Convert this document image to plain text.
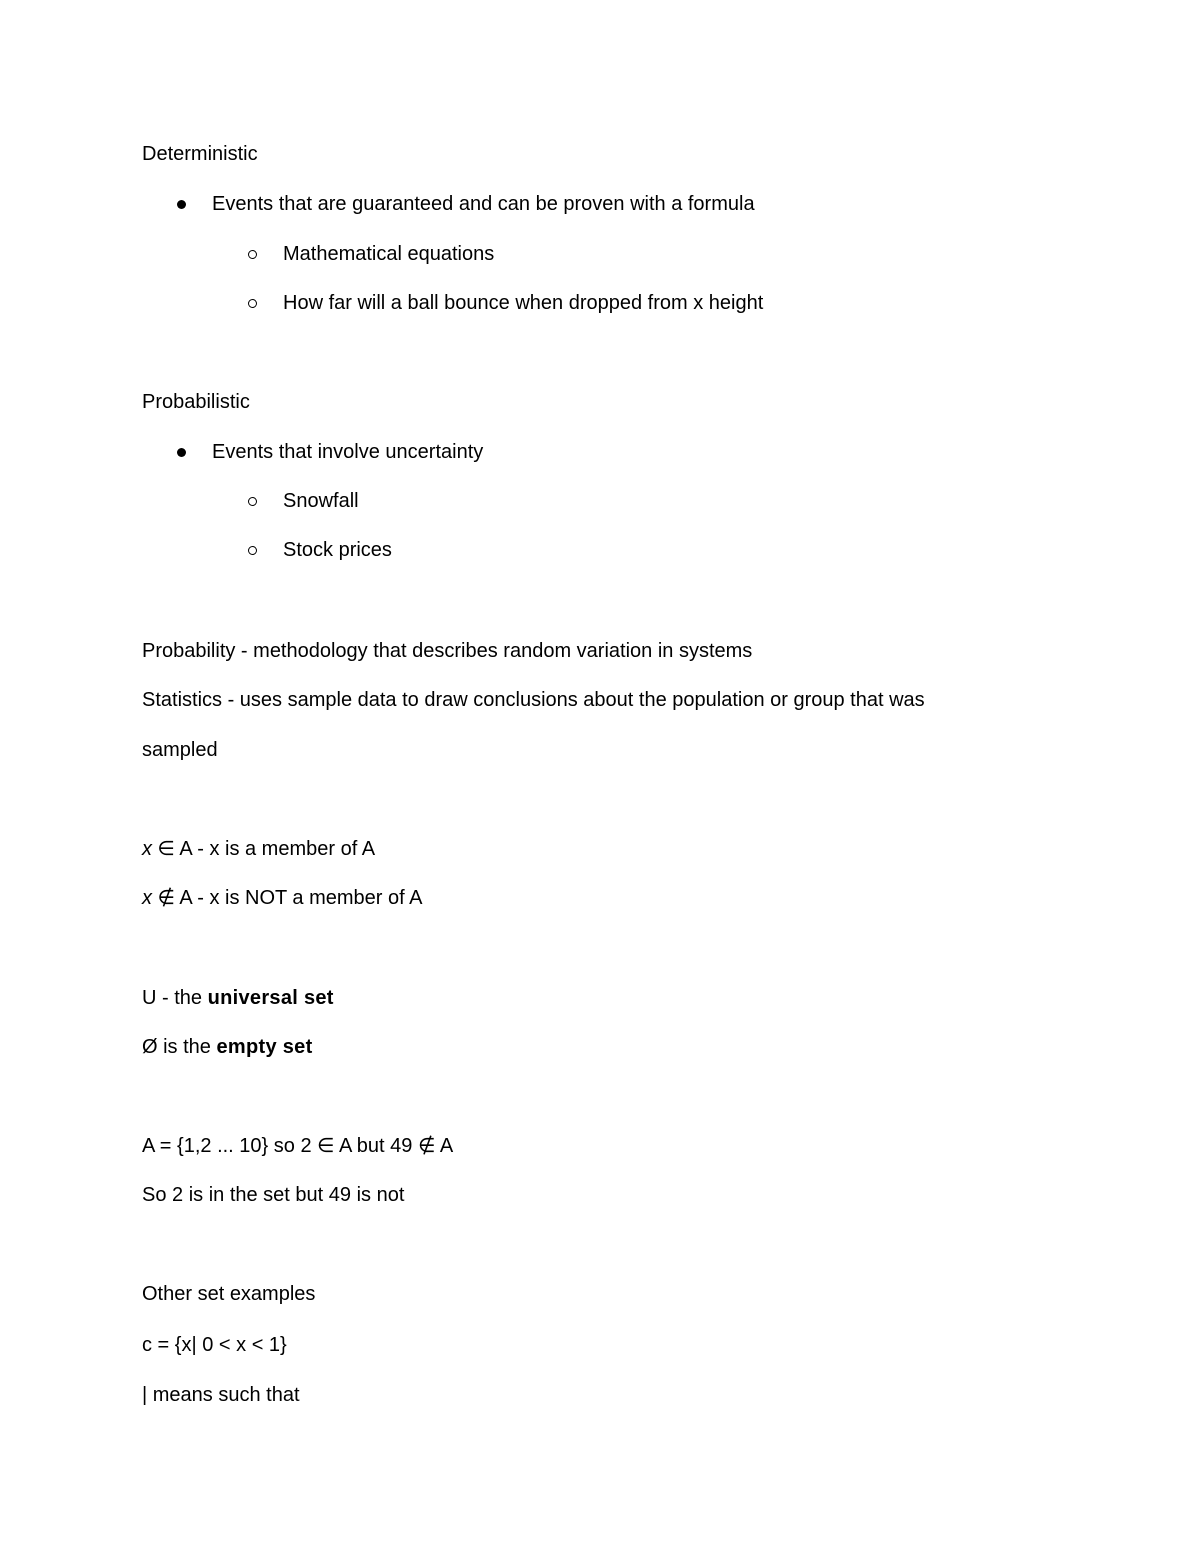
Deterministic
Events that are guaranteed and can be proven with a formula
Mathematical equations
How far will a ball bounce when dropped from x height
Probabilistic
Events that involve uncertainty
Snowfall
Stock prices
Probability - methodology that describes random variation in systems
Statistics - uses sample data to draw conclusions about the population or group that was
sampled
x ∈ A - x is a member of A
x ∉ A - x is NOT a member of A
U - the universal set
Ø is the empty set
A = {1,2 ... 10} so 2 ∈ A but 49 ∉ A
So 2 is in the set but 49 is not
Other set examples
c = {x| 0 < x < 1}
| means such that
